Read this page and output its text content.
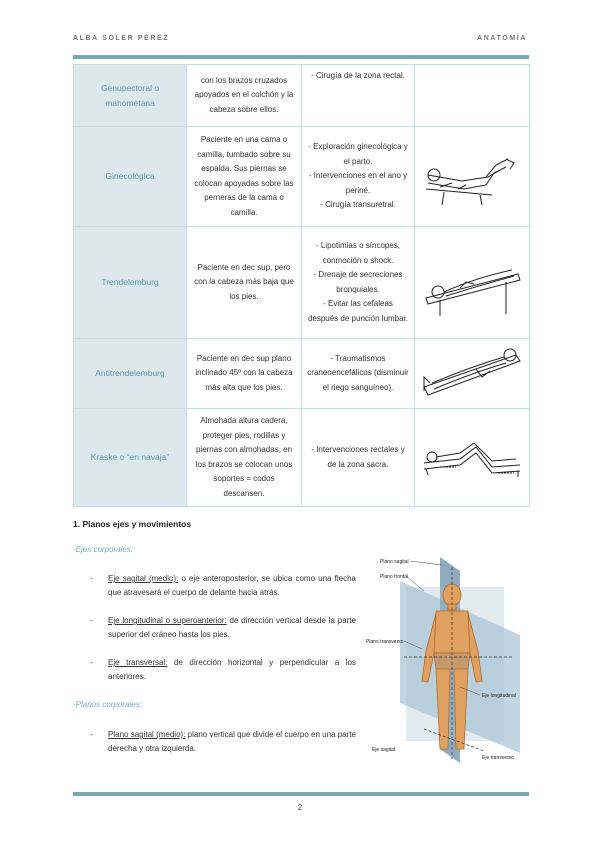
ALBA SOLER PÉREZ	ANATOMÍA
Genupectoral o mahometana	con los brazos cruzados apoyados en el colchón y la cabeza sobre ellos.	- Cirugía de la zona rectal.	
Ginecológica	Paciente en una cama o camilla, tumbado sobre su espalda. Sus piernas se colocan apoyadas sobre las perneras de la cama o camilla.	- Exploración ginecológica y el parto.
- Intervenciones en el ano y periné.
- Cirugía transuretral.	

Trendelemburg	Paciente en dec sup, pero con la cabeza más baja que los pies.	- Lipotimias o síncopes, conmoción o shock.
- Drenaje de secreciones bronquiales.
- Evitar las cefaleas después de punción lumbar.	

Antitrendelemburg	Paciente en dec sup plano inclinado 45º con la cabeza más alta que los pies.	- Traumatismos craneoencefálicos (disminuir el riego sanguíneo).	

Kraske o “en navaja”	Almohada altura cadera, proteger pies, rodillas y piernas con almohadas, en los brazos se colocan unos soportes = codos descansen.	- Intervenciones rectales y de la zona sacra.	
1. Planos ejes y movimientos
-Ejes corporales:
- Eje sagital (medio): o eje anteroposterior, se ubica como una flecha que atravesará el cuerpo de delante hacia atrás.
- Eje longitudinal o superoanterior: de dirección vertical desde la parte superior del cráneo hasta los pies.
- Eje transversal: de dirección horizontal y perpendicular a los anteriores.
-Planos corporales:
- Plano sagital (medio): plano vertical que divide el cuerpo en una parte derecha y otra izquierda.
Plano sagital
Plano frontal
Plano transverso
Eje longitudinal
Eje sagital
Eje transverso
2
